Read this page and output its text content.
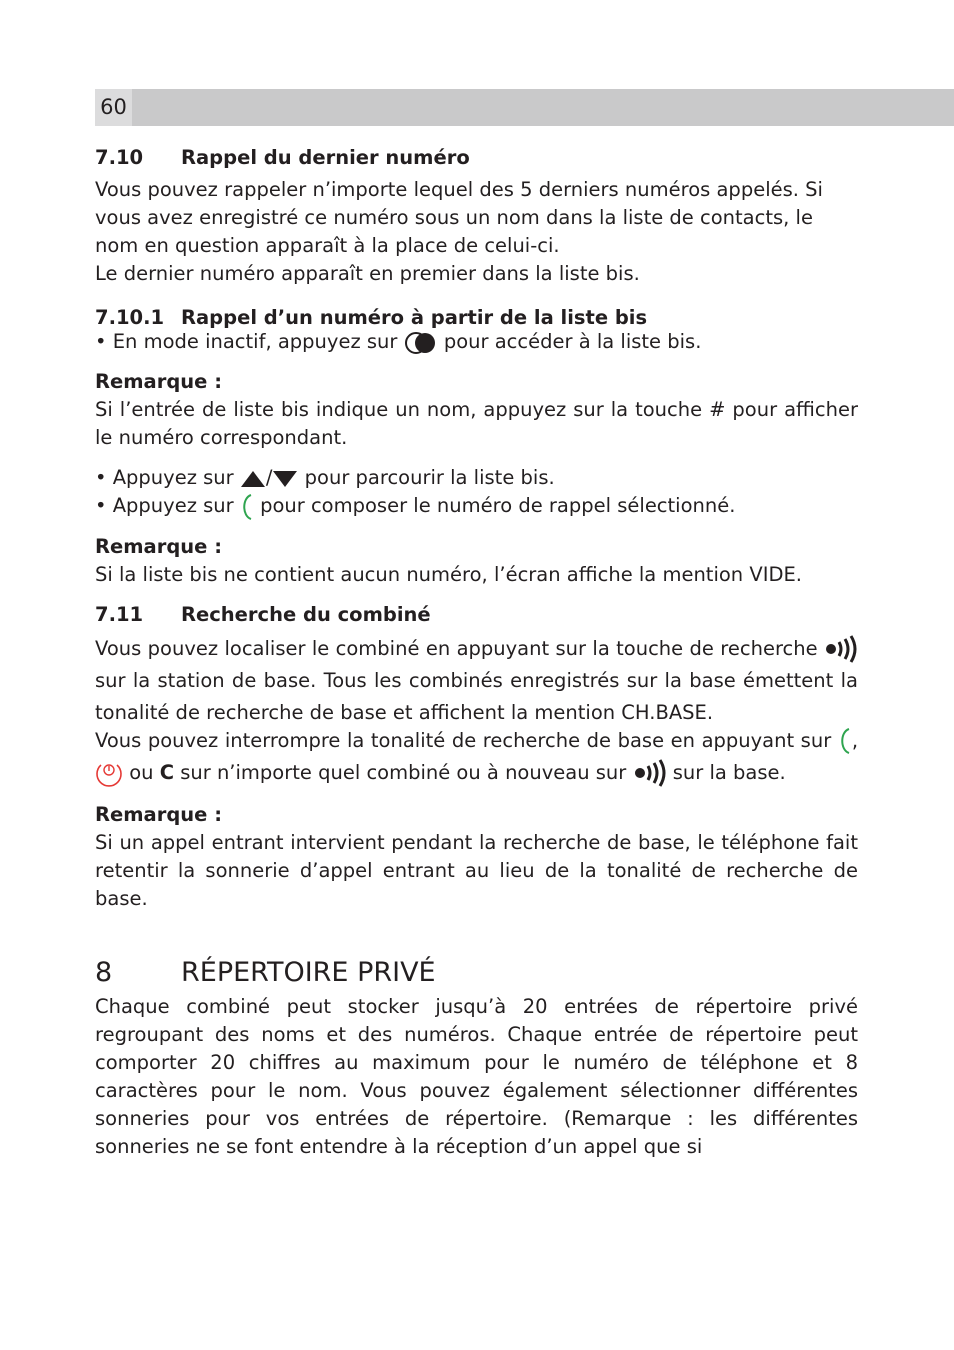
60
7.10	Rappel du dernier numéro

Vous pouvez rappeler n’importe lequel des 5 derniers numéros appelés. Si vous avez enregistré ce numéro sous un nom dans la liste de contacts, le nom en question apparaît à la place de celui-ci.

Le dernier numéro apparaît en premier dans la liste bis.

7.10.1 Rappel d’un numéro à partir de la liste bis

• En mode inactif, appuyez sur pour accéder à la liste bis.

Remarque :

Si l’entrée de liste bis indique un nom, appuyez sur la touche # pour afficher le numéro correspondant.

• Appuyez sur / pour parcourir la liste bis.

• Appuyez sur pour composer le numéro de rappel sélectionné.

Remarque :

Si la liste bis ne contient aucun numéro, l’écran affiche la mention VIDE.

7.11	Recherche du combiné

Vous pouvez localiser le combiné en appuyant sur la touche de recherche  sur la station de base. Tous les combinés enregistrés sur la base émettent la tonalité de recherche de base et affichent la mention CH.BASE.

Vous pouvez interrompre la tonalité de recherche de base en appuyant sur ,  ou C sur n’importe quel combiné ou à nouveau sur sur la base.

Remarque :

Si un appel entrant intervient pendant la recherche de base, le téléphone fait retentir la sonnerie d’appel entrant au lieu de la tonalité de recherche de base.

8	RÉPERTOIRE PRIVÉ

Chaque combiné peut stocker jusqu’à 20 entrées de répertoire privé regroupant des noms et des numéros. Chaque entrée de répertoire peut comporter 20 chiffres au maximum pour le numéro de téléphone et 8 caractères pour le nom. Vous pouvez également sélectionner différentes sonneries pour vos entrées de répertoire. (Remarque : les différentes sonneries ne se font entendre à la réception d’un appel que si
